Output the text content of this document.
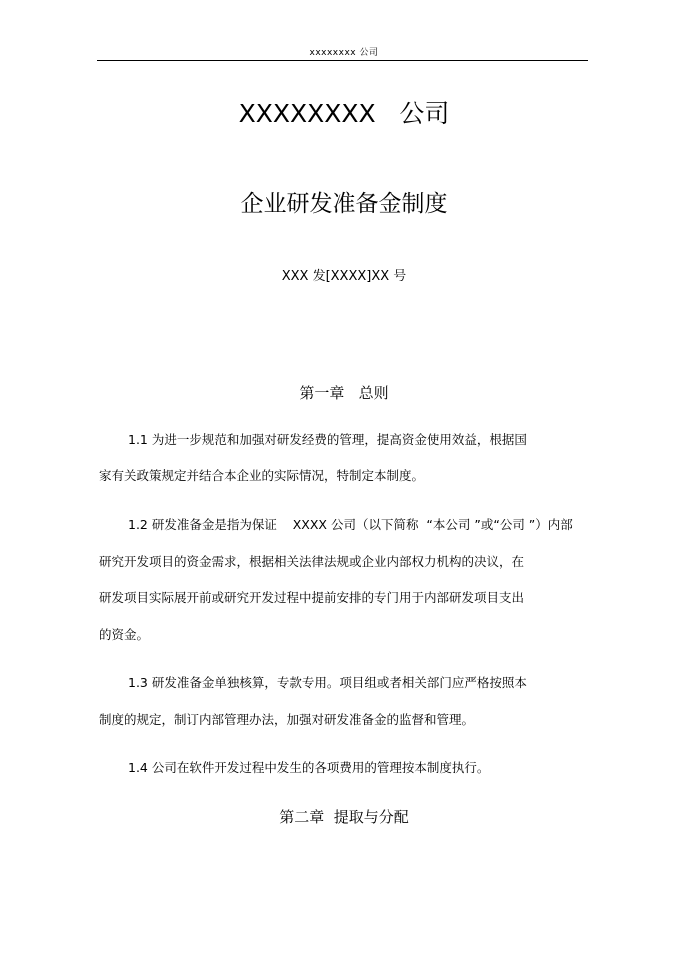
xxxxxxxx 公司
XXXXXXXX   公司
企业研发准备金制度
XXX 发[XXXX]XX 号
第一章   总则
1.1 为进一步规范和加强对研发经费的管理，提高资金使用效益，根据国
家有关政策规定并结合本企业的实际情况，特制定本制度。
1.2 研发准备金是指为保证    XXXX 公司（以下简称  “本公司 ”或“公司 ”）内部
研究开发项目的资金需求，根据相关法律法规或企业内部权力机构的决议，在
研发项目实际展开前或研究开发过程中提前安排的专门用于内部研发项目支出
的资金。
1.3 研发准备金单独核算，专款专用。项目组或者相关部门应严格按照本
制度的规定，制订内部管理办法，加强对研发准备金的监督和管理。
1.4 公司在软件开发过程中发生的各项费用的管理按本制度执行。
第二章  提取与分配
